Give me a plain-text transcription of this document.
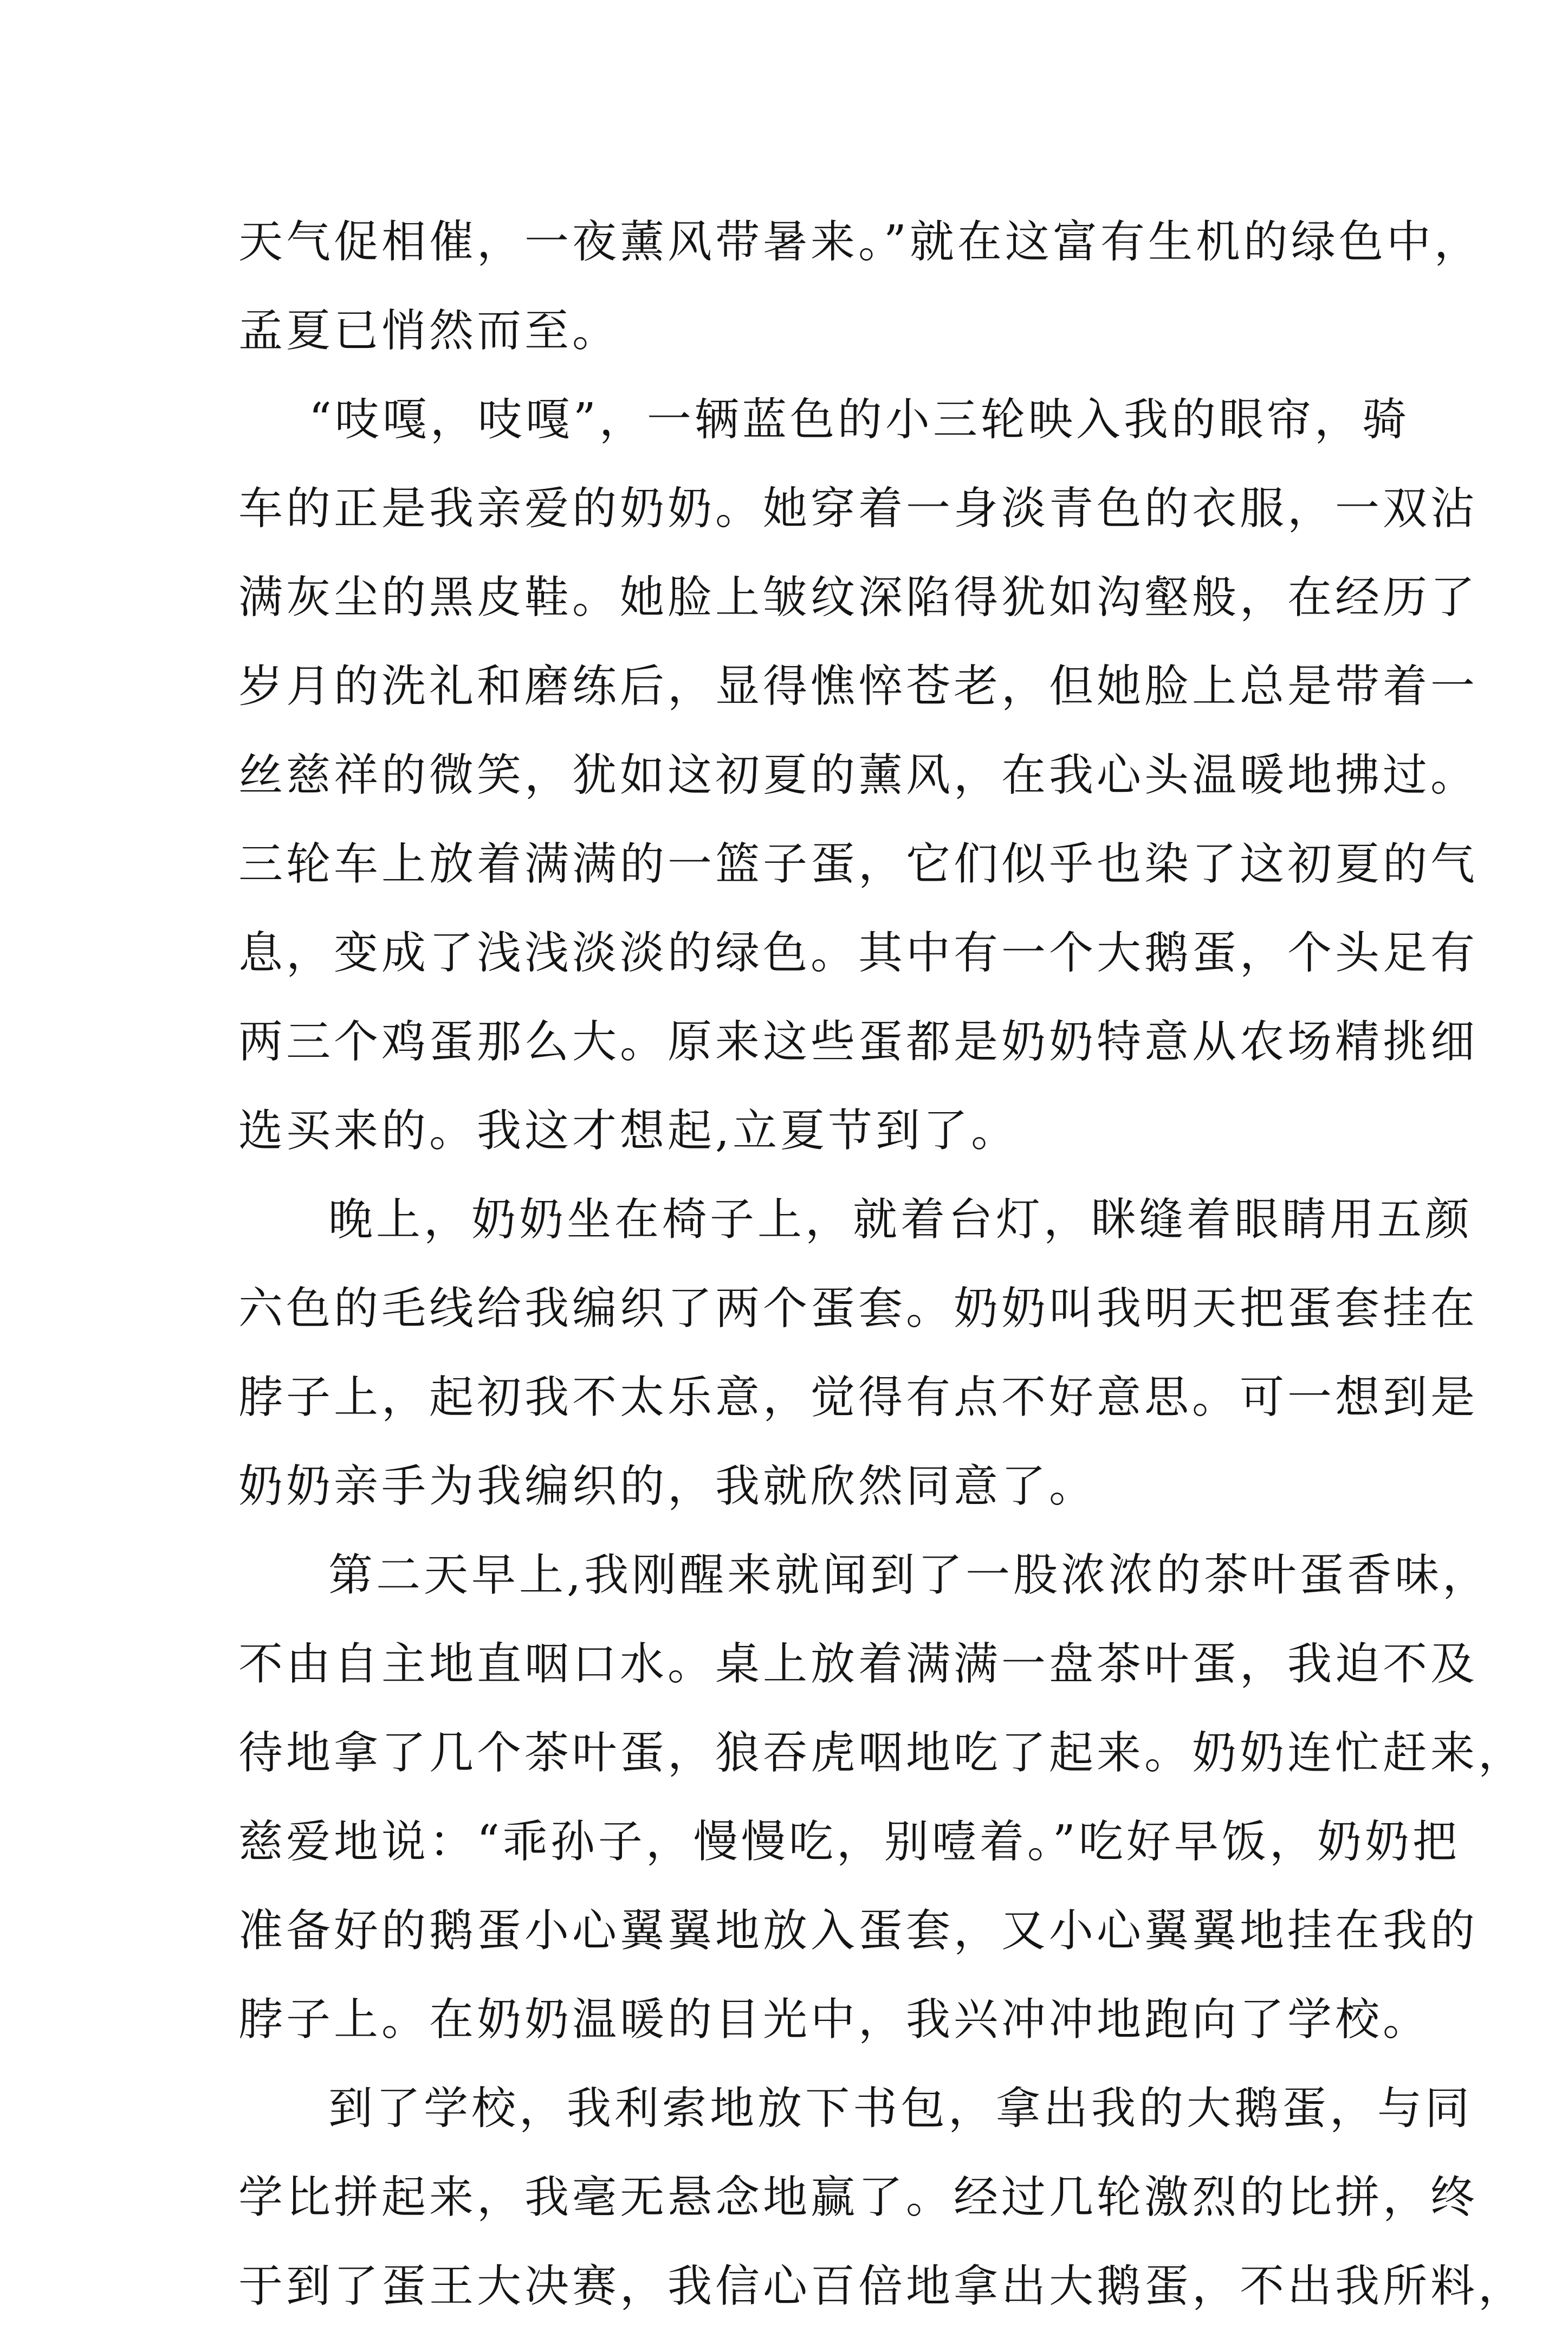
天气促相催，一夜薰风带暑来。”就在这富有生机的绿色中，
孟夏已悄然而至。
“吱嘎，吱嘎”，一辆蓝色的小三轮映入我的眼帘，骑
车的正是我亲爱的奶奶。她穿着一身淡青色的衣服，一双沾
满灰尘的黑皮鞋。她脸上皱纹深陷得犹如沟壑般，在经历了
岁月的洗礼和磨练后，显得憔悴苍老，但她脸上总是带着一
丝慈祥的微笑，犹如这初夏的薰风，在我心头温暖地拂过。
三轮车上放着满满的一篮子蛋，它们似乎也染了这初夏的气
息，变成了浅浅淡淡的绿色。其中有一个大鹅蛋，个头足有
两三个鸡蛋那么大。原来这些蛋都是奶奶特意从农场精挑细
选买来的。我这才想起,立夏节到了。
晚上，奶奶坐在椅子上，就着台灯，眯缝着眼睛用五颜
六色的毛线给我编织了两个蛋套。奶奶叫我明天把蛋套挂在
脖子上，起初我不太乐意，觉得有点不好意思。可一想到是
奶奶亲手为我编织的，我就欣然同意了。
第二天早上,我刚醒来就闻到了一股浓浓的茶叶蛋香味，
不由自主地直咽口水。桌上放着满满一盘茶叶蛋，我迫不及
待地拿了几个茶叶蛋，狼吞虎咽地吃了起来。奶奶连忙赶来，
慈爱地说：“乖孙子，慢慢吃，别噎着。”吃好早饭，奶奶把
准备好的鹅蛋小心翼翼地放入蛋套，又小心翼翼地挂在我的
脖子上。在奶奶温暖的目光中，我兴冲冲地跑向了学校。
到了学校，我利索地放下书包，拿出我的大鹅蛋，与同
学比拼起来，我毫无悬念地赢了。经过几轮激烈的比拼，终
于到了蛋王大决赛，我信心百倍地拿出大鹅蛋，不出我所料，
